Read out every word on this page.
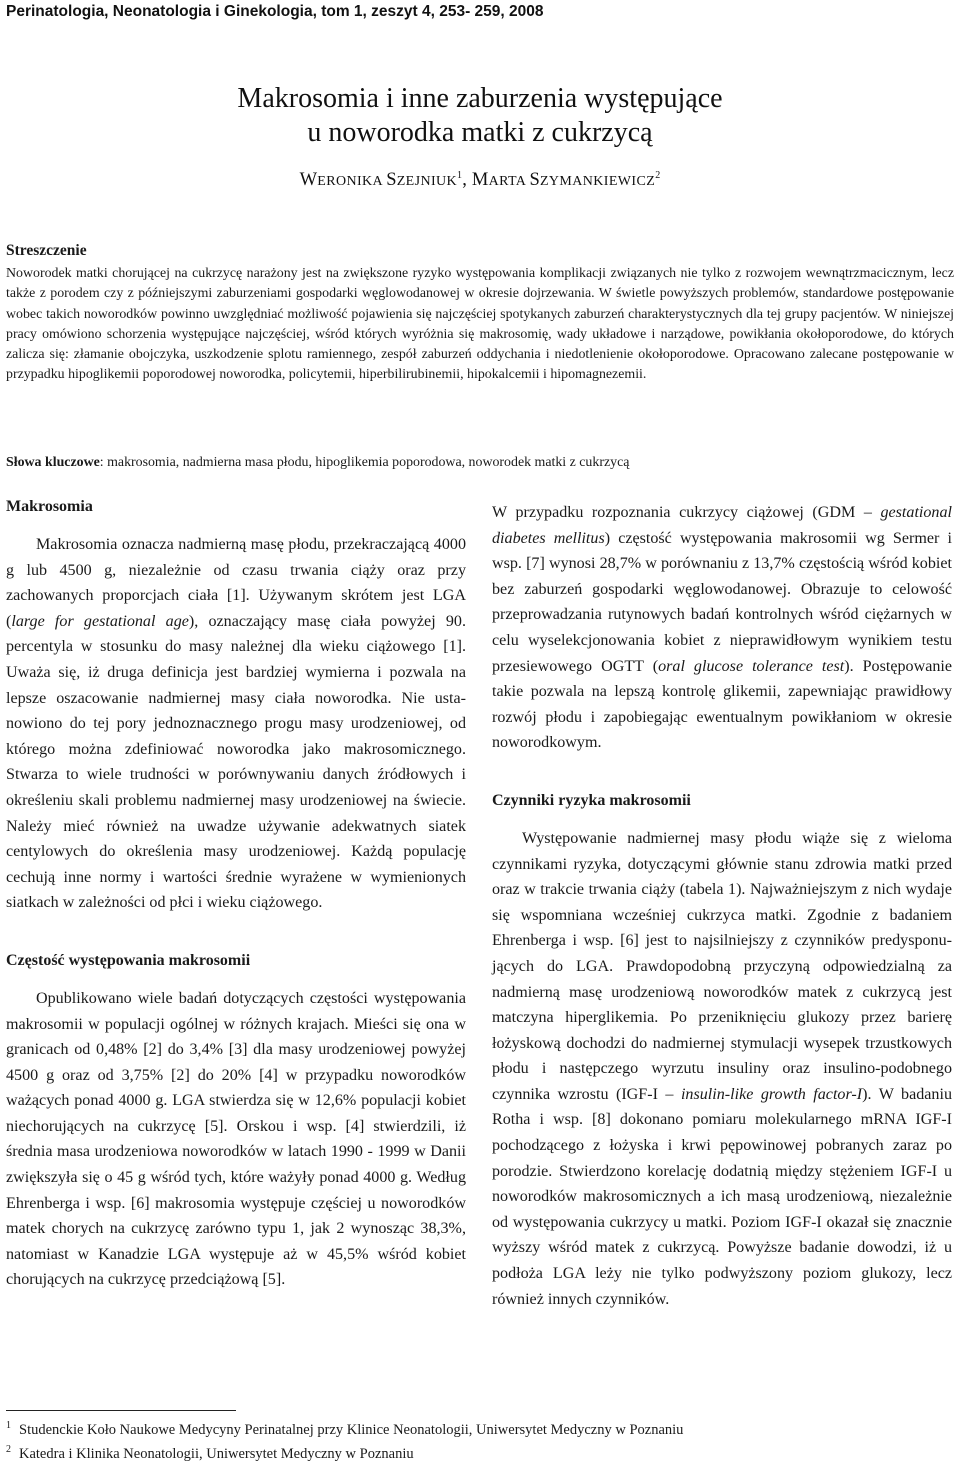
Perinatologia, Neonatologia i Ginekologia, tom 1, zeszyt 4, 253- 259, 2008
Makrosomia i inne zaburzenia występujące
u noworodka matki z cukrzycą
WERONIKA SZEJNIUK$^1$, MARTA SZYMANKIEWICZ$^2$
Streszczenie
Noworodek matki chorującej na cukrzycę narażony jest na zwiększone ryzyko występowania komplikacji związanych nie tylko z rozwojem wewnątrzmacicznym, lecz także z porodem czy z późniejszymi zaburzeniami gospodarki węglowodanowej w okresie dojrzewania. W świetle powyższych problemów, standardowe postępowanie wobec takich noworodków powinno uwzględniać możliwość pojawienia się najczęściej spotykanych zaburzeń charakterystycznych dla tej grupy pacjentów. W niniejszej pracy omówiono schorzenia występujące najczęściej, wśród których wyróżnia się makrosomię, wady układowe i narządowe, powikłania okołoporodowe, do których zalicza się: złamanie obojczyka, uszkodzenie splotu ramiennego, zespół zaburzeń oddychania i niedotlenienie okołoporodowe. Opracowano zalecane postępowanie w przypadku hipoglikemii poporodowej noworodka, policytemii, hiperbilirubinemii, hipokalcemii i hipomagnezemii.
Słowa kluczowe: makrosomia, nadmierna masa płodu, hipoglikemia poporodowa, noworodek matki z cukrzycą
Makrosomia

Makrosomia oznacza nadmierną masę płodu, przekraczającą 4000 g lub 4500 g, niezależnie od czasu trwania ciąży oraz przy zachowanych proporcjach ciała [1]. Używanym skrótem jest LGA (large for gestational age), oznaczający masę ciała powyżej 90. percentyla w stosunku do masy należnej dla wieku ciążowego [1]. Uważa się, iż druga definicja jest bardziej wymierna i pozwala na lepsze oszacowanie nadmiernej masy ciała noworodka. Nie ustanowiono do tej pory jednoznacznego progu masy urodzeniowej, od którego można zdefiniować noworodka jako makrosomicznego. Stwarza to wiele trudności w porównywaniu danych źródłowych i określeniu skali problemu nadmiernej masy urodzeniowej na świecie. Należy mieć również na uwadze używanie adekwatnych siatek centylowych do określenia masy urodzeniowej. Każdą populację cechują inne normy i wartości średnie wyrażene w wymienionych siatkach w zależności od płci i wieku ciążowego.

Częstość występowania makrosomii

Opublikowano wiele badań dotyczących częstości występowania makrosomii w populacji ogólnej w różnych krajach. Mieści się ona w granicach od 0,48% [2] do 3,4% [3] dla masy urodzeniowej powyżej 4500 g oraz od 3,75% [2] do 20% [4] w przypadku noworodków ważących ponad 4000 g. LGA stwierdza się w 12,6% populacji kobiet niechorujących na cukrzycę [5]. Orskou i wsp. [4] stwierdzili, iż średnia masa urodzeniowa noworodków w latach 1990 - 1999 w Danii zwiększyła się o 45 g wśród tych, które ważyły ponad 4000 g. Według Ehrenberga i wsp. [6] makrosomia występuje częściej u noworodków matek chorych na cukrzycę zarówno typu 1, jak 2 wynosząc 38,3%, natomiast w Kanadzie LGA występuje aż w 45,5% wśród kobiet chorujących na cukrzycę przedciążową [5].

W przypadku rozpoznania cukrzycy ciążowej (GDM – gestational diabetes mellitus) częstość występowania makrosomii wg Sermer i wsp. [7] wynosi 28,7% w porównaniu z 13,7% częstością wśród kobiet bez zaburzeń gospodarki węglowodanowej. Obrazuje to celowość przeprowadzania rutynowych badań kontrolnych wśród ciężarnych w celu wyselekcjonowania kobiet z nieprawidłowym wynikiem testu przesiewowego OGTT (oral glucose tolerance test). Postępowanie takie pozwala na lepszą kontrolę glikemii, zapewniając prawidłowy rozwój płodu i zapobiegając ewentualnym powikłaniom w okresie noworodkowym.

Czynniki ryzyka makrosomii

Występowanie nadmiernej masy płodu wiąże się z wieloma czynnikami ryzyka, dotyczącymi głównie stanu zdrowia matki przed oraz w trakcie trwania ciąży (tabela 1). Najważniejszym z nich wydaje się wspomniana wcześniej cukrzyca matki. Zgodnie z badaniem Ehrenberga i wsp. [6] jest to najsilniejszy z czynników predysponujących do LGA. Prawdopodobną przyczyną odpowiedzialną za nadmierną masę urodzeniową noworodków matek z cukrzycą jest matczyna hiperglikemia. Po przeniknięciu glukozy przez barierę łożyskową dochodzi do nadmiernej stymulacji wysepek trzustkowych płodu i następczego wyrzutu insuliny oraz insulino-podobnego czynnika wzrostu (IGF-I – insulin-like growth factor-I). W badaniu Rotha i wsp. [8] dokonano pomiaru molekularnego mRNA IGF-I pochodzącego z łożyska i krwi pępowinowej pobranych zaraz po porodzie. Stwierdzono korelację dodatnią między stężeniem IGF-I u noworodków makrosomicznych a ich masą urodzeniową, niezależnie od występowania cukrzycy u matki. Poziom IGF-I okazał się znacznie wyższy wśród matek z cukrzycą. Powyższe badanie dowodzi, iż u podłoża LGA leży nie tylko podwyższony poziom glukozy, lecz również innych czynników.

$^1$ Studenckie Koło Naukowe Medycyny Perinatalnej przy Klinice Neonatologii, Uniwersytet Medyczny w Poznaniu
$^2$ Katedra i Klinika Neonatologii, Uniwersytet Medyczny w Poznaniu
